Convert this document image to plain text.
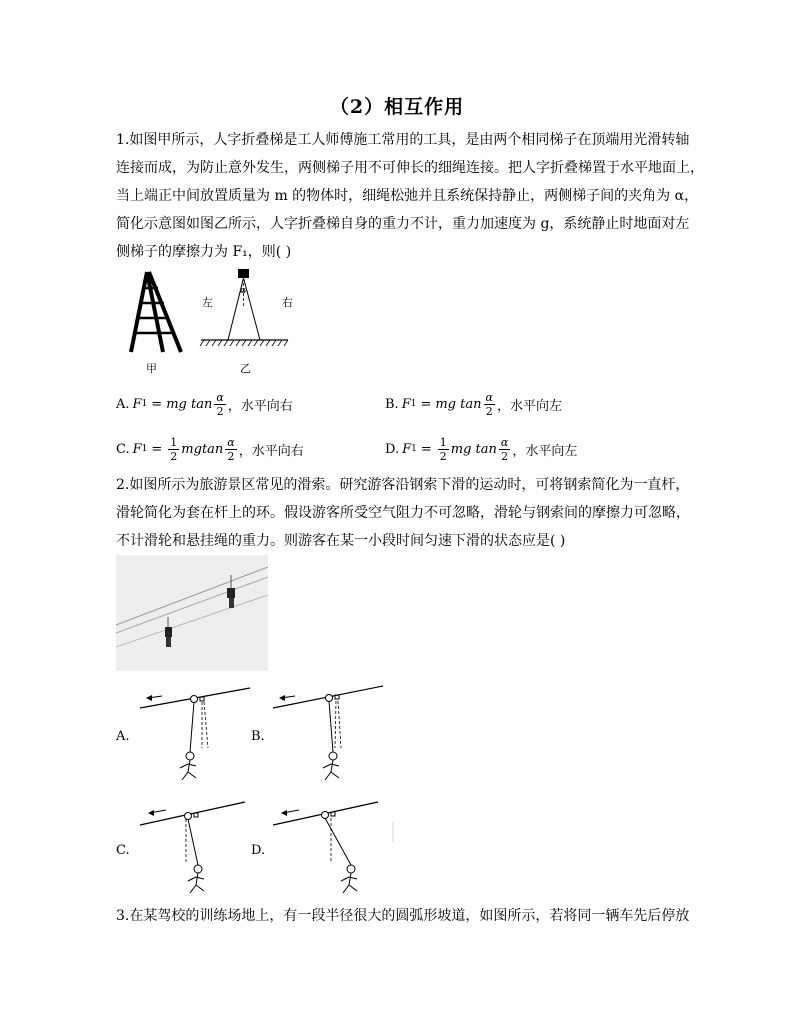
（2）相互作用
1.如图甲所示，人字折叠梯是工人师傅施工常用的工具，是由两个相同梯子在顶端用光滑转轴
连接而成，为防止意外发生，两侧梯子用不可伸长的细绳连接。把人字折叠梯置于水平地面上，
当上端正中间放置质量为 m 的物体时，细绳松弛并且系统保持静止，两侧梯子间的夹角为 α，
简化示意图如图乙所示，人字折叠梯自身的重力不计，重力加速度为 g，系统静止时地面对左
侧梯子的摩擦力为 F₁，则( )
甲
α
左	右
乙
A. F 1 = mg $\tan \frac{\alpha}{2}$ ，水平向右	B. F 1 = mg $\tan \frac{\alpha}{2}$ ，水平向左
C. F $1 = \frac{1}{2}$ mgtan $\frac{\alpha}{2}$ ，水平向右	D. F $1 = \frac{1}{2}$ mg $\tan \frac{\alpha}{2}$ ，水平向左
2.如图所示为旅游景区常见的滑索。研究游客沿钢索下滑的运动时，可将钢索简化为一直杆，
滑轮简化为套在杆上的环。假设游客所受空气阻力不可忽略，滑轮与钢索间的摩擦力可忽略，
不计滑轮和悬挂绳的重力。则游客在某一小段时间匀速下滑的状态应是( )
A.	B.
C.	D.
3.在某驾校的训练场地上，有一段半径很大的圆弧形坡道，如图所示，若将同一辆车先后停放
